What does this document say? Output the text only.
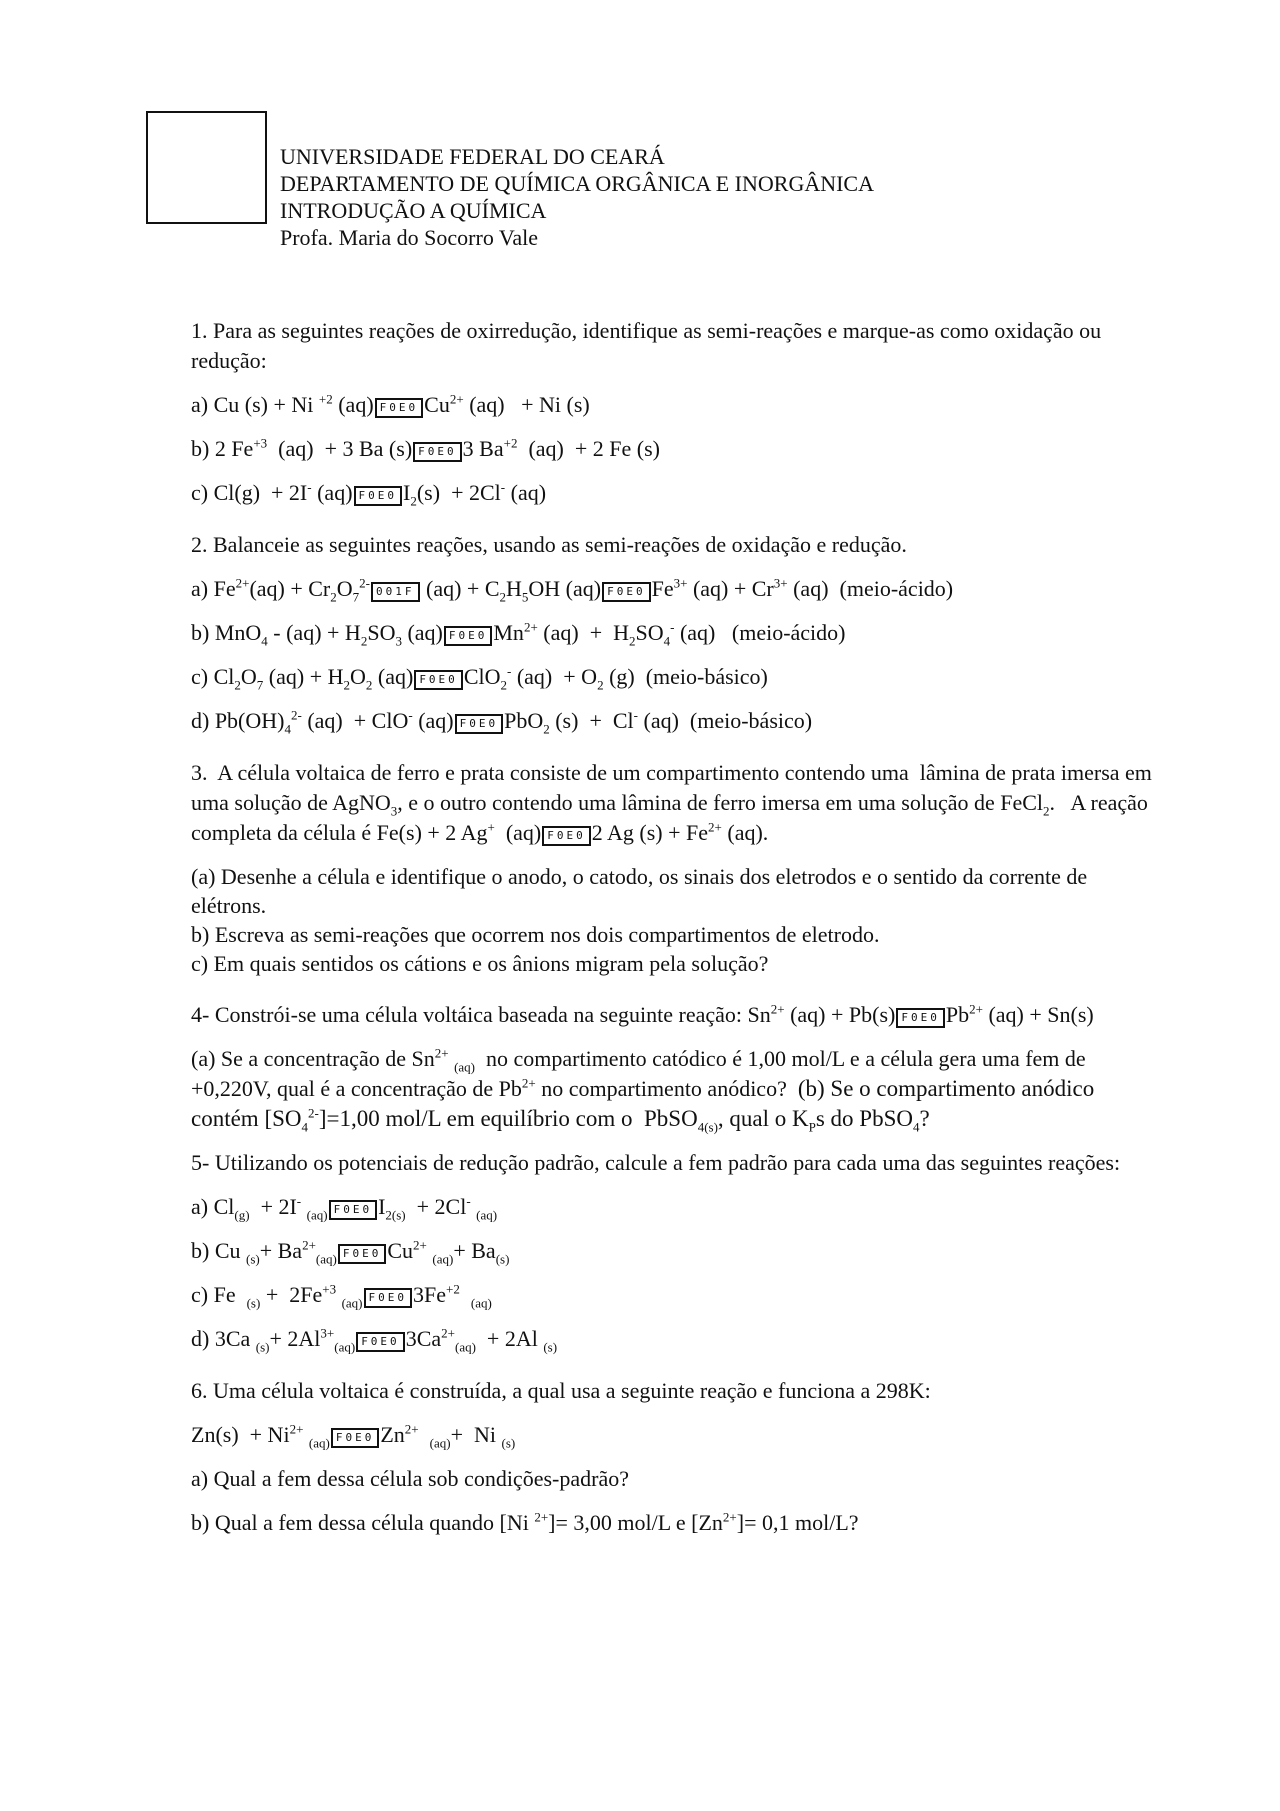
UNIVERSIDADE FEDERAL DO CEARÁ
DEPARTAMENTO DE QUÍMICA ORGÂNICA E INORGÂNICA
INTRODUÇÃO A QUÍMICA
Profa. Maria do Socorro Vale

1. Para as seguintes reações de oxirredução, identifique as semi-reações e marque-as como oxidação ou redução:

a) Cu (s) + Ni $^{+2}$ (aq) F0E0 $Cu^{2+}$ (aq)   + Ni (s)

b) 2 $Fe^{+3}$  (aq)  + 3 Ba (s) F0E0 3 $Ba^{+2}$  (aq)  + 2 Fe (s)

c) Cl(g)  + 2I- (aq) F0E0 $I_2(s) + 2Cl^-$ (aq)

2. Balanceie as seguintes reações, usando as semi-reações de oxidação e redução.

a) $Fe^{2+}(aq) + Cr_2O_7^{2-}001F$ $(aq) + C_2H_5OH$ (aq) F0E0 $Fe^{3+}$ $(aq) + Cr^{3+}$ (aq)  (meio-ácido)

b) $MnO_4 - (aq) + H_2SO_3$ (aq) F0E0 $Mn^{2+}$ $(aq) + H_2SO_4^-$ (aq)   (meio-ácido)

c) $Cl_2O_7$ $(aq) + H_2O_2$ (aq) F0E0 ClO$_2$- $(aq) + O_2$ (g)  (meio-básico)

d) $Pb(OH)_4^{2-}$ (aq)  + ClO- (aq) F0E0 PbO$_2$ (s)  +  Cl- (aq)  (meio-básico)

3.  A célula voltaica de ferro e prata consiste de um compartimento contendo uma  lâmina de prata imersa em uma solução de AgNO$_3$, e o outro contendo uma lâmina de ferro imersa em uma solução de FeCl$_2$.   A reação completa da célula é Fe(s) + 2 Ag+  (aq) F0E0 2 Ag $(s) + Fe^{2+}$ (aq).

(a) Desenhe a célula e identifique o anodo, o catodo, os sinais dos eletrodos e o sentido da corrente de elétrons.

b) Escreva as semi-reações que ocorrem nos dois compartimentos de eletrodo.

c) Em quais sentidos os cátions e os ânions migram pela solução?

4- Constrói-se uma célula voltáica baseada na seguinte reação: $Sn^{2+}$ (aq) + Pb(s) F0E0 $Pb^{2+}$ (aq) + Sn(s)

(a) Se a concentração de $Sn^{2+}$ $_{(aq)}$  no compartimento catódico é 1,00 mol/L e a célula gera uma fem de +0,220V, qual é a concentração de $Pb^{2+}$ no compartimento anódico?  (b) Se o compartimento anódico contém $[SO_4^{2-}]=1,00$ mol/L em equilíbrio com o  PbSO$_{4(s)}$, qual o $K_Ps$ do PbSO$_4$?

5- Utilizando os potenciais de redução padrão, calcule a fem padrão para cada uma das seguintes reações:

a) $Cl_{(g)} + 2I^-$ $_{(aq)}$ F0E0 $I_{2(s)} + 2Cl^-$ $_{(aq)}$

b) Cu $_{(s)}+ Ba^{2+}_{(aq)}$ F0E0 $Cu^{2+}$ $_{(aq)}+ Ba_{(s)}$

c) Fe  $_{(s)} + 2Fe^{+3}$ $_{(aq)}$ F0E0 $3Fe^{+2}$  $_{(aq)}$

d) 3Ca $_{(s)}+ 2Al^{3+}_{(aq)}$ F0E0 $3Ca^{2+}_{(aq)} + 2Al$ $_{(s)}$

6. Uma célula voltaica é construída, a qual usa a seguinte reação e funciona a 298K:

$Zn(s) + Ni^{2+}$ $_{(aq)}$ F0E0 $Zn^{2+}$  $_{(aq)}$+  Ni $_{(s)}$

a) Qual a fem dessa célula sob condições-padrão?

b) Qual a fem dessa célula quando [Ni $^{2+}$]= 3,00 mol/L e $[Zn^{2+}]= 0,1$ mol/L?
